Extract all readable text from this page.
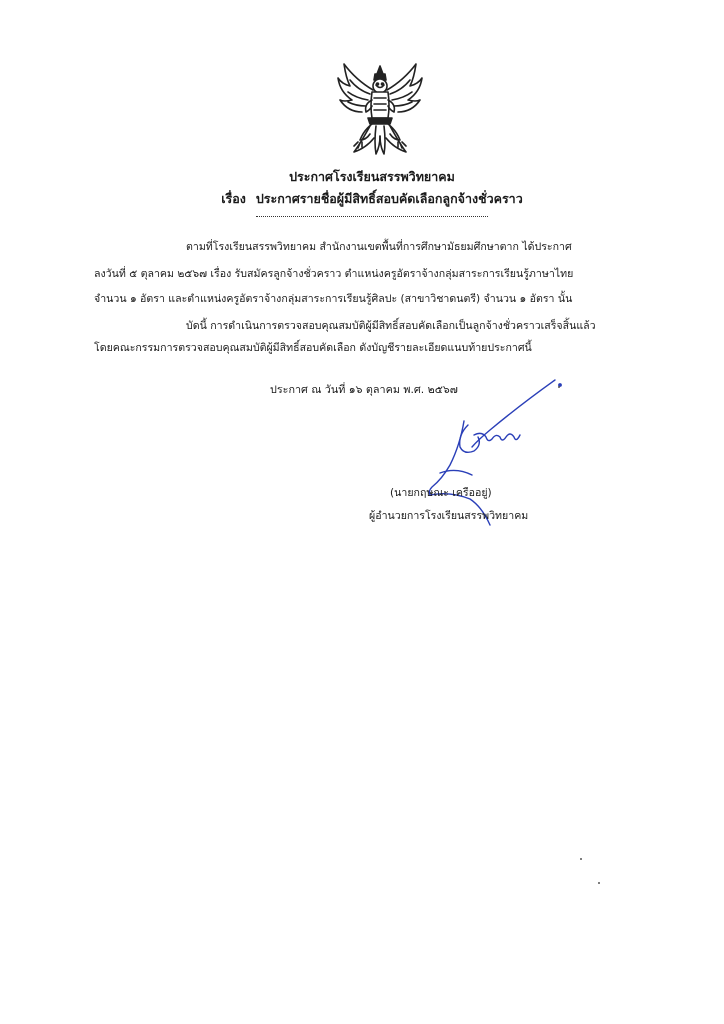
ประกาศโรงเรียนสรรพวิทยาคม
เรื่อง ประกาศรายชื่อผู้มีสิทธิ์สอบคัดเลือกลูกจ้างชั่วคราว
ตามที่โรงเรียนสรรพวิทยาคม สำนักงานเขตพื้นที่การศึกษามัธยมศึกษาตาก ได้ประกาศ
ลงวันที่ ๕ ตุลาคม ๒๕๖๗ เรื่อง รับสมัครลูกจ้างชั่วคราว ตำแหน่งครูอัตราจ้างกลุ่มสาระการเรียนรู้ภาษาไทย
จำนวน ๑ อัตรา และตำแหน่งครูอัตราจ้างกลุ่มสาระการเรียนรู้ศิลปะ (สาขาวิชาดนตรี) จำนวน ๑ อัตรา นั้น
บัดนี้ การดำเนินการตรวจสอบคุณสมบัติผู้มีสิทธิ์สอบคัดเลือกเป็นลูกจ้างชั่วคราวเสร็จสิ้นแล้ว
โดยคณะกรรมการตรวจสอบคุณสมบัติผู้มีสิทธิ์สอบคัดเลือก ดังบัญชีรายละเอียดแนบท้ายประกาศนี้
ประกาศ ณ วันที่ ๑๖ ตุลาคม พ.ศ. ๒๕๖๗
(นายกฤษณะ เครืออยู่)
ผู้อำนวยการโรงเรียนสรรพวิทยาคม
